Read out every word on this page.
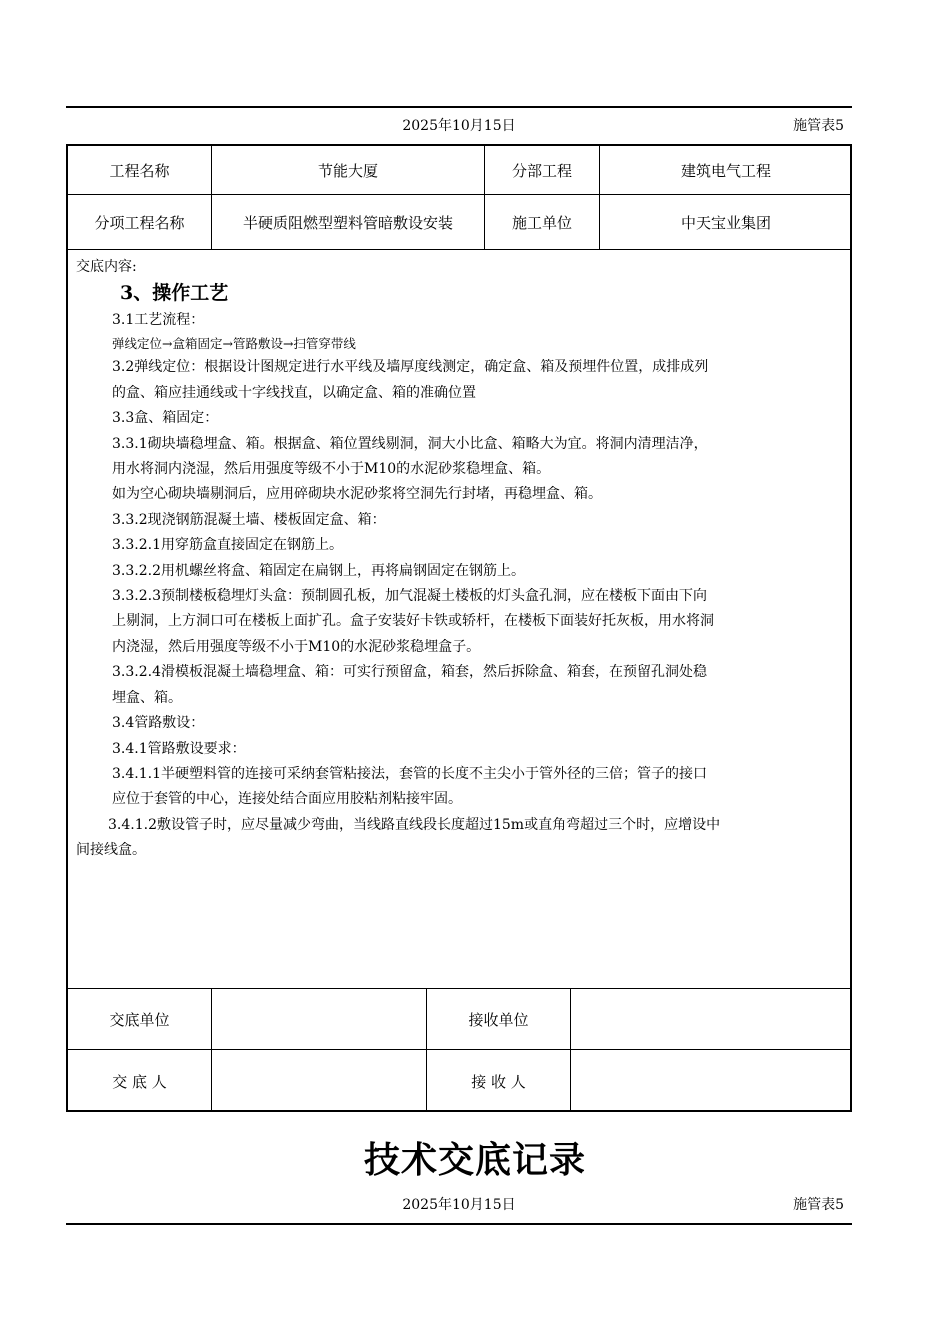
2025年10月15日	施管表5
工程名称	节能大厦	分部工程	建筑电气工程
分项工程名称	半硬质阻燃型塑料管暗敷设安装	施工单位	中天宝业集团
交底内容:
3、操作工艺

3.1工艺流程：

弹线定位→盒箱固定→管路敷设→扫管穿带线

3.2弹线定位：根据设计图规定进行水平线及墙厚度线测定，确定盒、箱及预埋件位置，成排成列

的盒、箱应挂通线或十字线找直，以确定盒、箱的准确位置

3.3盒、箱固定：

3.3.1砌块墙稳埋盒、箱。根据盒、箱位置线剔洞，洞大小比盒、箱略大为宜。将洞内清理洁净，

用水将洞内浇湿，然后用强度等级不小于M10的水泥砂浆稳埋盒、箱。

如为空心砌块墙剔洞后，应用碎砌块水泥砂浆将空洞先行封堵，再稳埋盒、箱。

3.3.2现浇钢筋混凝土墙、楼板固定盒、箱：

3.3.2.1用穿筋盒直接固定在钢筋上。

3.3.2.2用机螺丝将盒、箱固定在扁钢上，再将扁钢固定在钢筋上。

3.3.2.3预制楼板稳埋灯头盒：预制圆孔板，加气混凝土楼板的灯头盒孔洞，应在楼板下面由下向

上剔洞，上方洞口可在楼板上面扩孔。盒子安装好卡铁或轿杆，在楼板下面装好托灰板，用水将洞

内浇湿，然后用强度等级不小于M10的水泥砂浆稳埋盒子。

3.3.2.4滑模板混凝土墙稳埋盒、箱：可实行预留盒，箱套，然后拆除盒、箱套，在预留孔洞处稳

埋盒、箱。

3.4管路敷设：

3.4.1管路敷设要求：

3.4.1.1半硬塑料管的连接可采纳套管粘接法，套管的长度不主尖小于管外径的三倍；管子的接口

应位于套管的中心，连接处结合面应用胶粘剂粘接牢固。

3.4.1.2敷设管子时，应尽量减少弯曲，当线路直线段长度超过15m或直角弯超过三个时，应增设中

间接线盒。

交底单位	接收单位
交 底 人	接 收 人
技术交底记录
2025年10月15日	施管表5
